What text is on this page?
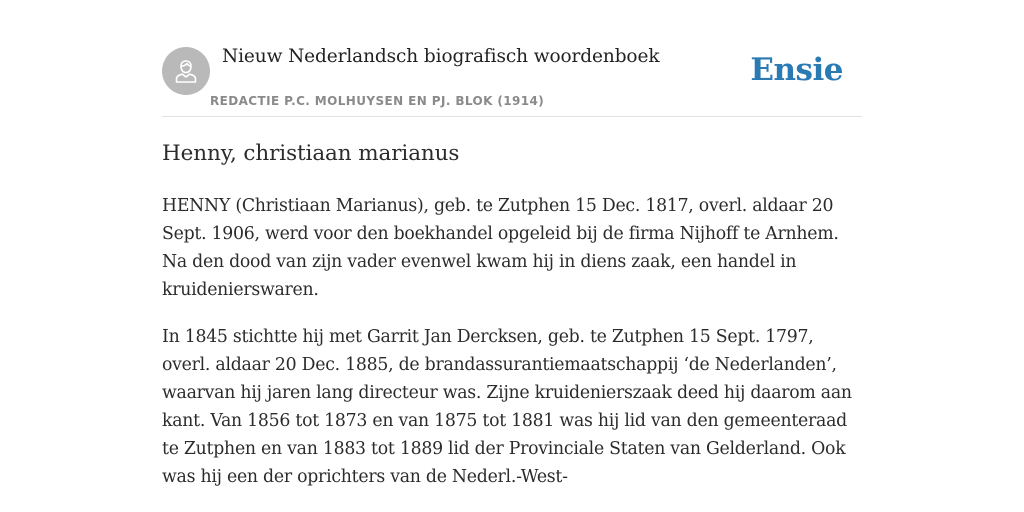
Nieuw Nederlandsch biografisch woordenboek
REDACTIE P.C. MOLHUYSEN EN PJ. BLOK (1914)
Ensie
Henny, christiaan marianus

HENNY (Christiaan Marianus), geb. te Zutphen 15 Dec. 1817, overl. aldaar 20 Sept. 1906, werd voor den boekhandel opgeleid bij de firma Nijhoff te Arnhem. Na den dood van zijn vader evenwel kwam hij in diens zaak, een handel in kruidenierswaren.

In 1845 stichtte hij met Garrit Jan Dercksen, geb. te Zutphen 15 Sept. 1797, overl. aldaar 20 Dec. 1885, de brandassurantiemaatschappij ‘de Nederlanden’, waarvan hij jaren lang directeur was. Zijne kruidenierszaak deed hij daarom aan kant. Van 1856 tot 1873 en van 1875 tot 1881 was hij lid van den gemeenteraad te Zutphen en van 1883 tot 1889 lid der Provinciale Staten van Gelderland. Ook was hij een der oprichters van de Nederl.-West-
